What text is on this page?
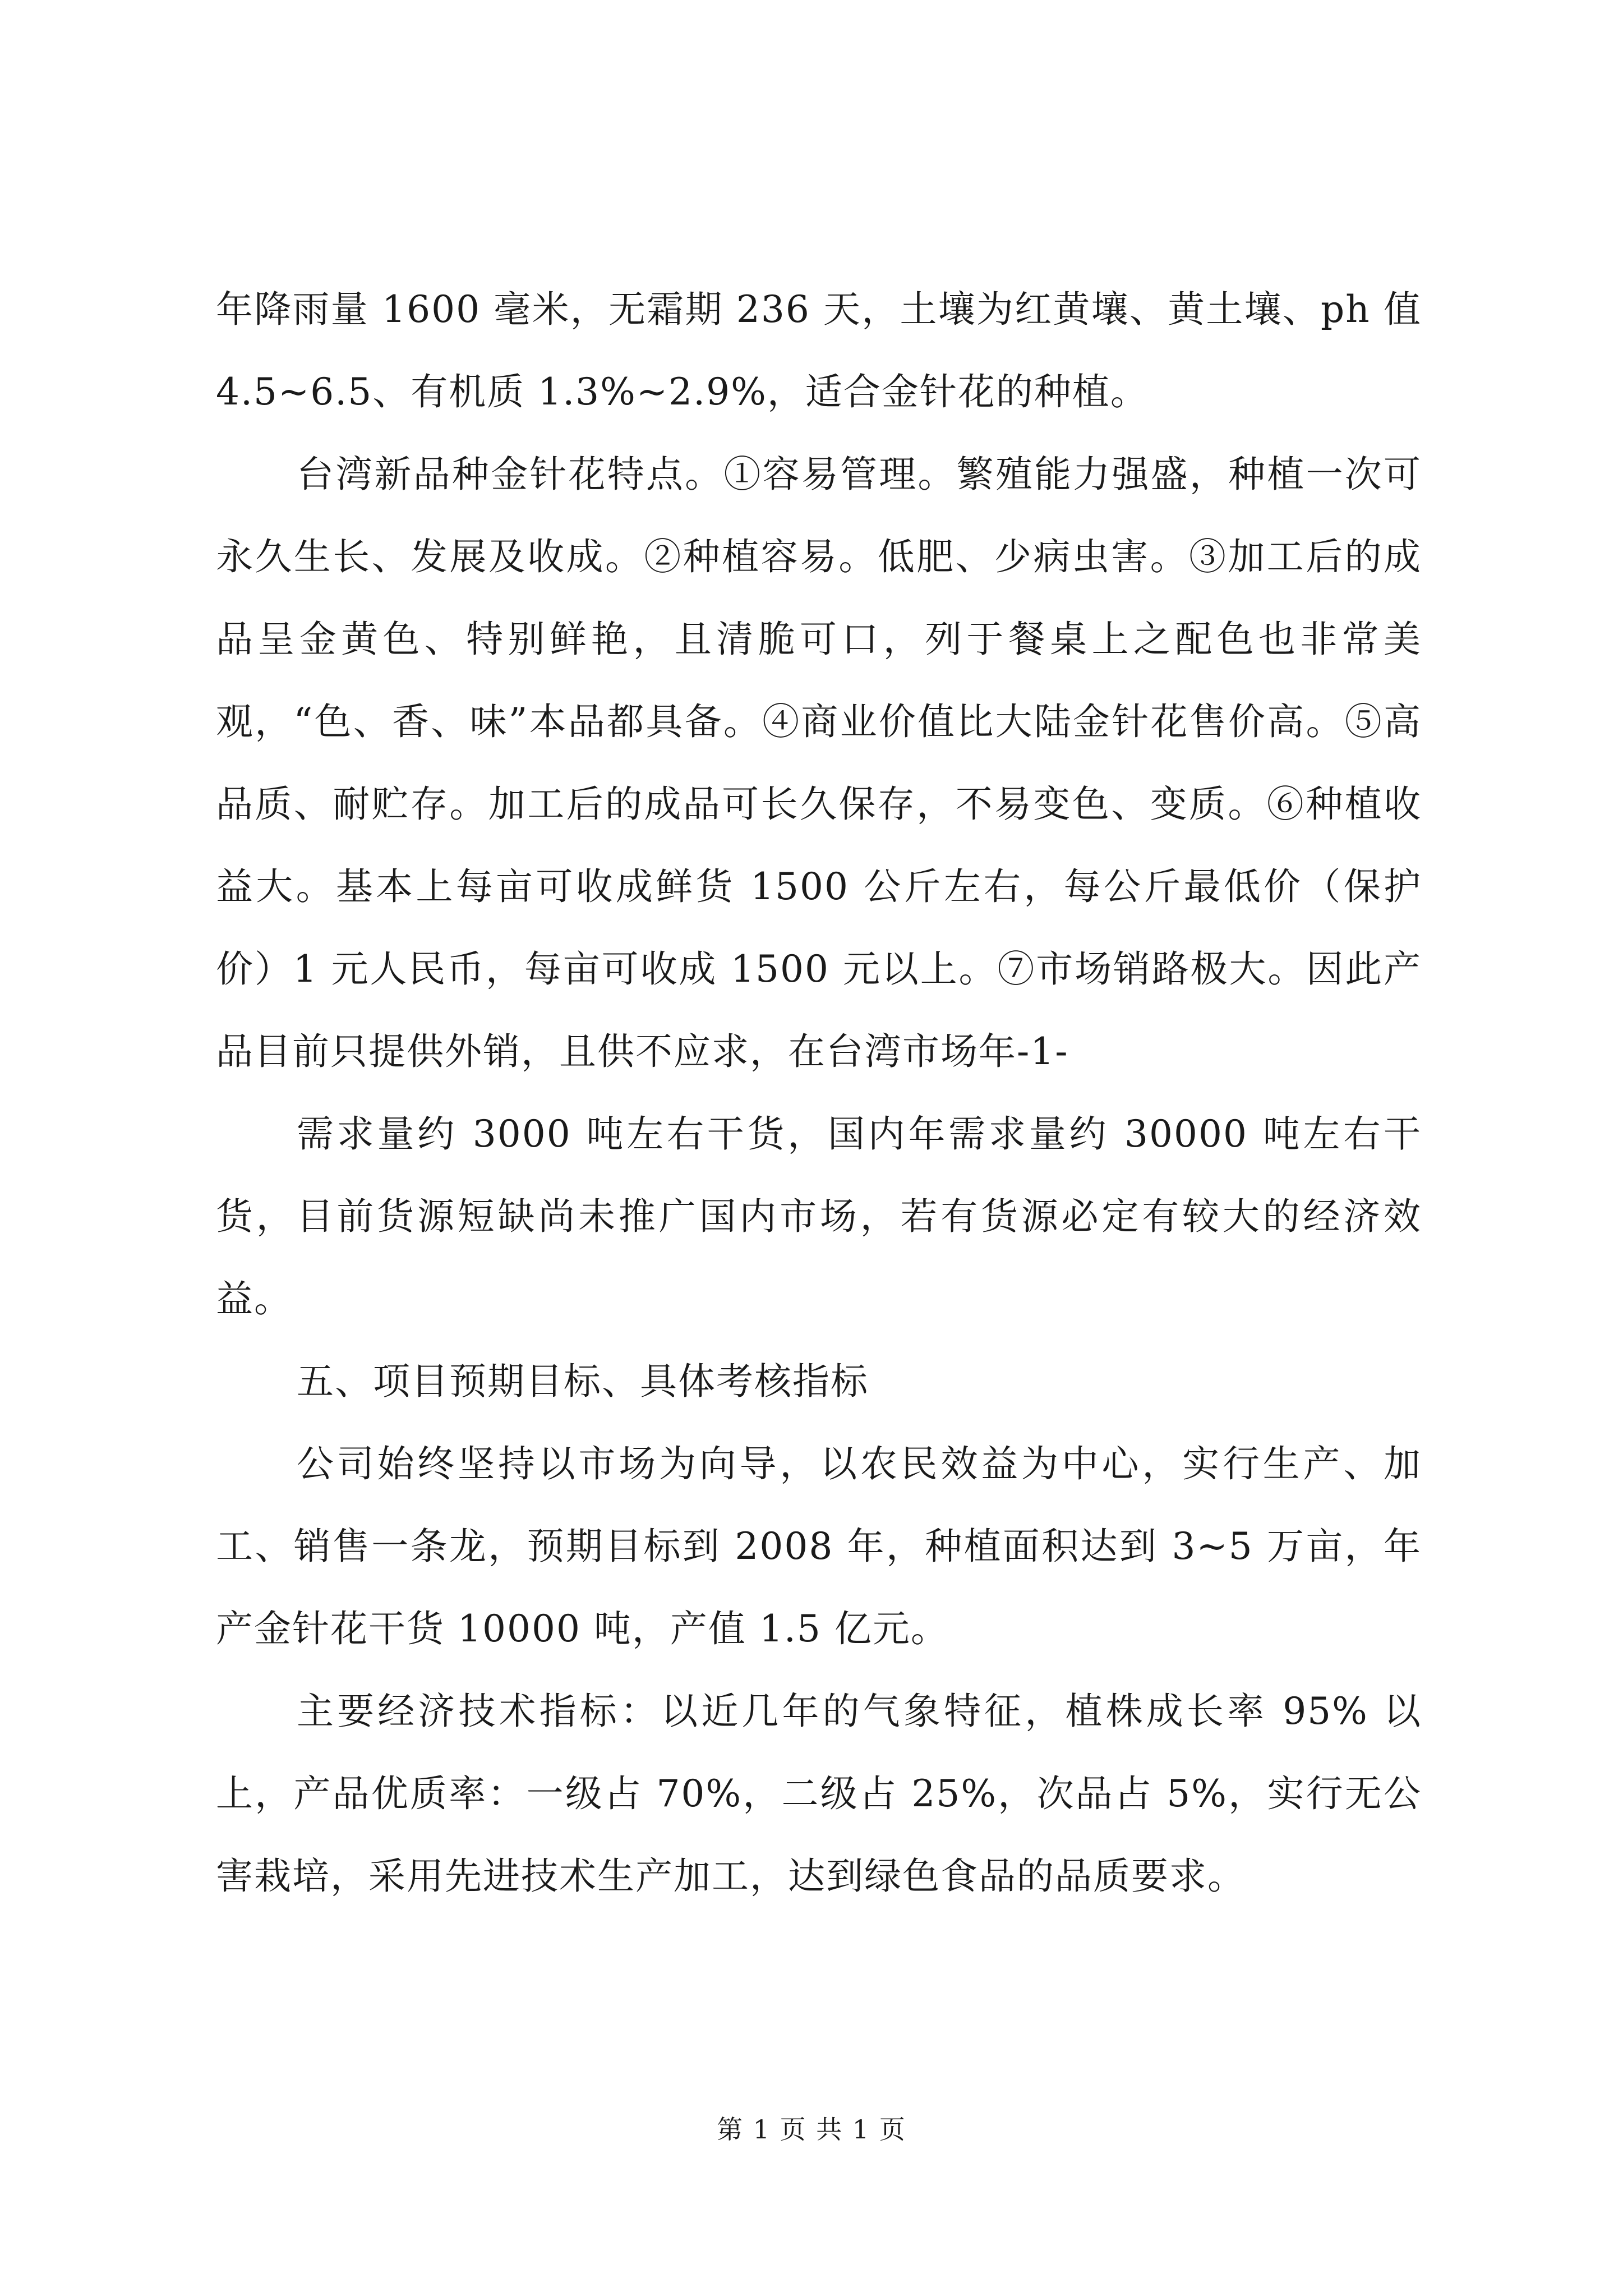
年降雨量 1600 毫米，无霜期 236 天，土壤为红黄壤、黄土壤、ph 值 4.5~6.5、有机质 1.3%~2.9%，适合金针花的种植。

台湾新品种金针花特点。①容易管理。繁殖能力强盛，种植一次可永久生长、发展及收成。②种植容易。低肥、少病虫害。③加工后的成品呈金黄色、特别鲜艳，且清脆可口，列于餐桌上之配色也非常美观，“色、香、味”本品都具备。④商业价值比大陆金针花售价高。⑤高品质、耐贮存。加工后的成品可长久保存，不易变色、变质。⑥种植收益大。基本上每亩可收成鲜货 1500 公斤左右，每公斤最低价（保护价）1 元人民币，每亩可收成 1500 元以上。⑦市场销路极大。因此产品目前只提供外销，且供不应求，在台湾市场年-1-

需求量约 3000 吨左右干货，国内年需求量约 30000 吨左右干货，目前货源短缺尚未推广国内市场，若有货源必定有较大的经济效益。

五、项目预期目标、具体考核指标

公司始终坚持以市场为向导，以农民效益为中心，实行生产、加工、销售一条龙，预期目标到 2008 年，种植面积达到 3~5 万亩，年产金针花干货 10000 吨，产值 1.5 亿元。

主要经济技术指标：以近几年的气象特征，植株成长率 95% 以上，产品优质率：一级占 70%，二级占 25%，次品占 5%，实行无公害栽培，采用先进技术生产加工，达到绿色食品的品质要求。

第 1 页 共 1 页
